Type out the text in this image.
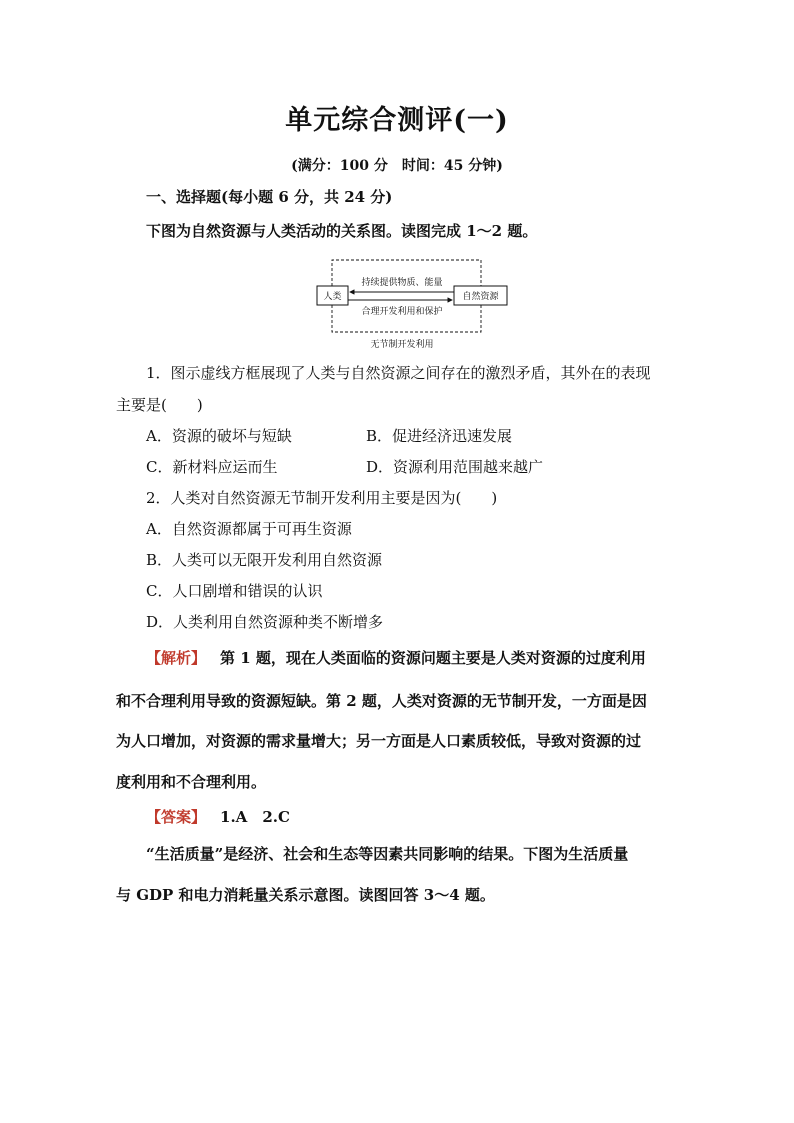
单元综合测评(一)
(满分：100 分　时间：45 分钟)
一、选择题(每小题 6 分，共 24 分)
下图为自然资源与人类活动的关系图。读图完成 1～2 题。
人类	自然资源
持续提供物质、能量
合理开发利用和保护
无节制开发利用
1．图示虚线方框展现了人类与自然资源之间存在的激烈矛盾，其外在的表现
主要是(　　)
A．资源的破坏与短缺	B．促进经济迅速发展
C．新材料应运而生	D．资源利用范围越来越广
2．人类对自然资源无节制开发利用主要是因为(　　)
A．自然资源都属于可再生资源
B．人类可以无限开发利用自然资源
C．人口剧增和错误的认识
D．人类利用自然资源种类不断增多
【解析】 第 1 题，现在人类面临的资源问题主要是人类对资源的过度利用
和不合理利用导致的资源短缺。第 2 题，人类对资源的无节制开发，一方面是因
为人口增加，对资源的需求量增大；另一方面是人口素质较低，导致对资源的过
度利用和不合理利用。
【答案】 1.A　2.C
“生活质量”是经济、社会和生态等因素共同影响的结果。下图为生活质量
与 GDP 和电力消耗量关系示意图。读图回答 3～4 题。
